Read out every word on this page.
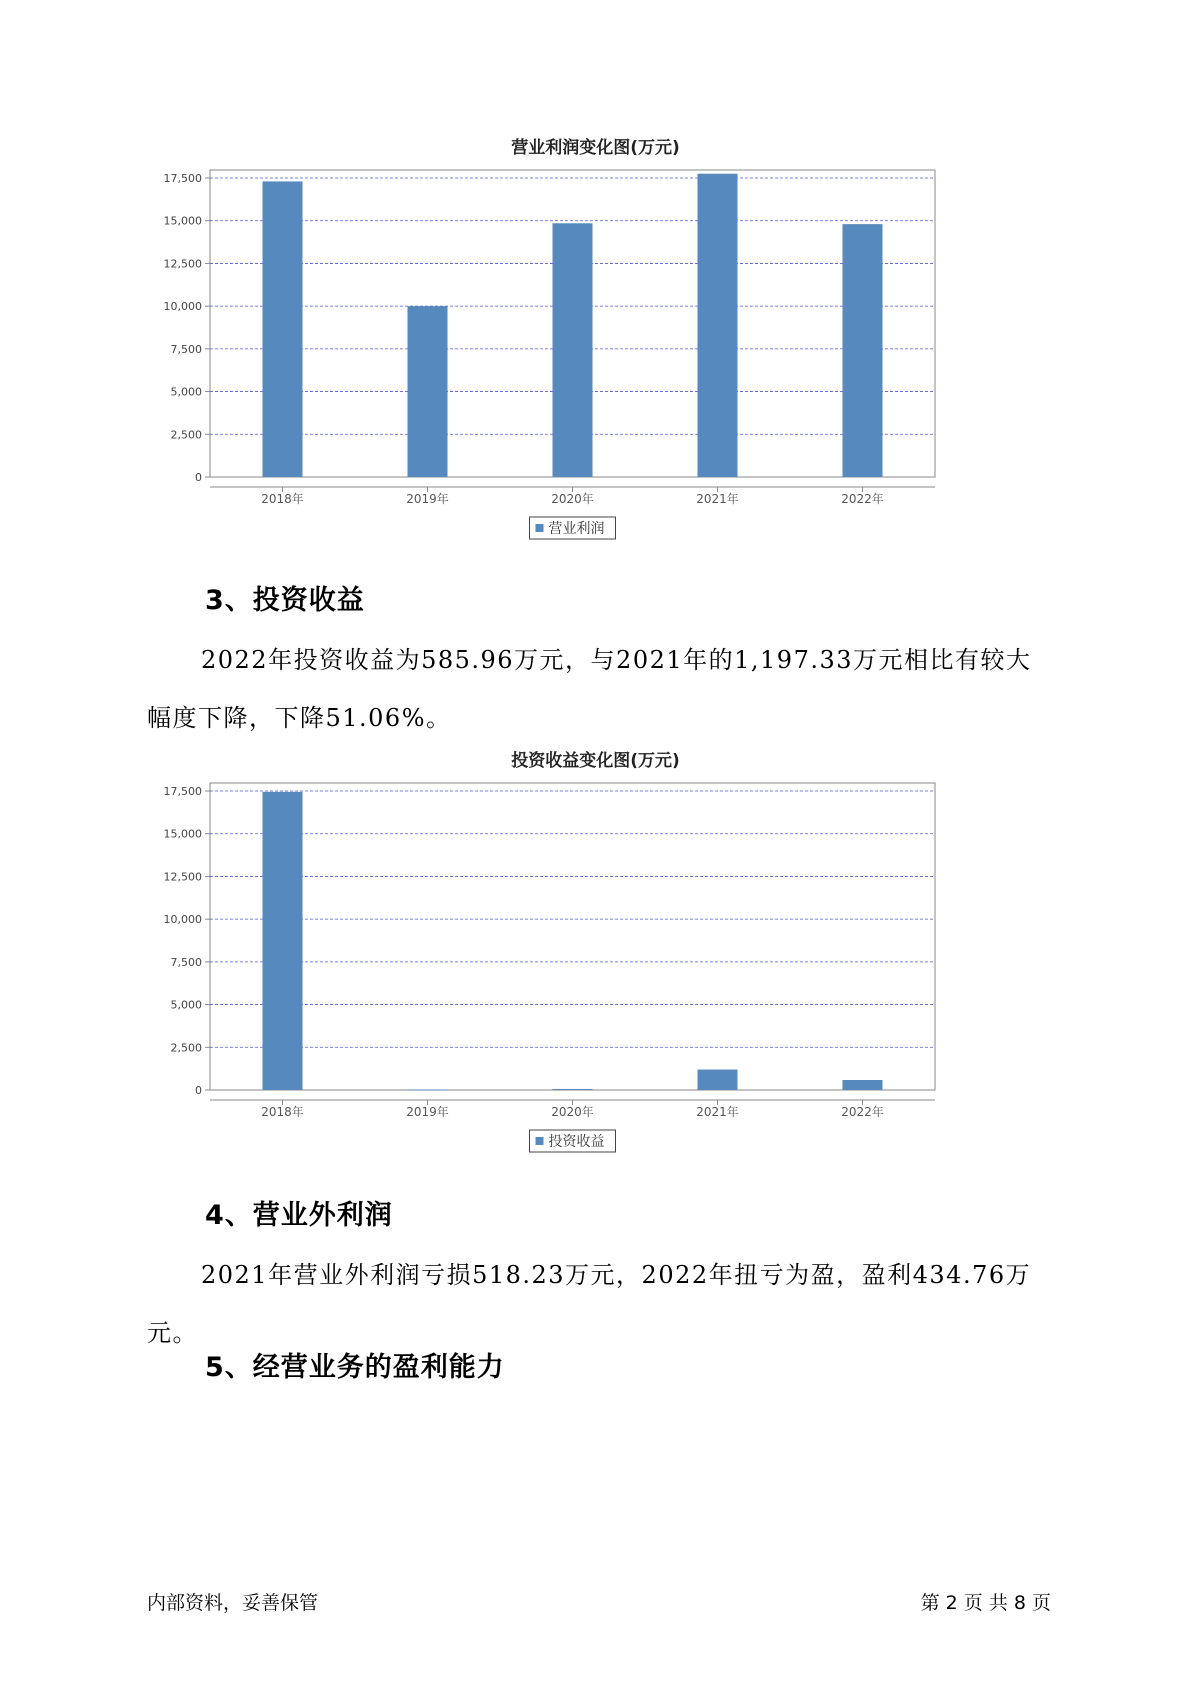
营业利润变化图(万元)
0
2,500
5,000
7,500
10,000
12,500
15,000
17,500
2018年	2019年	2020年	2021年	2022年
营业利润
3、投资收益
2022年投资收益为585.96万元，与2021年的1,197.33万元相比有较大幅度下降，下降51.06%。
投资收益变化图(万元)
0
2,500
5,000
7,500
10,000
12,500
15,000
17,500
2018年	2019年	2020年	2021年	2022年
投资收益
4、营业外利润
2021年营业外利润亏损518.23万元，2022年扭亏为盈，盈利434.76万元。
5、经营业务的盈利能力
内部资料，妥善保管	第 2 页 共 8 页
